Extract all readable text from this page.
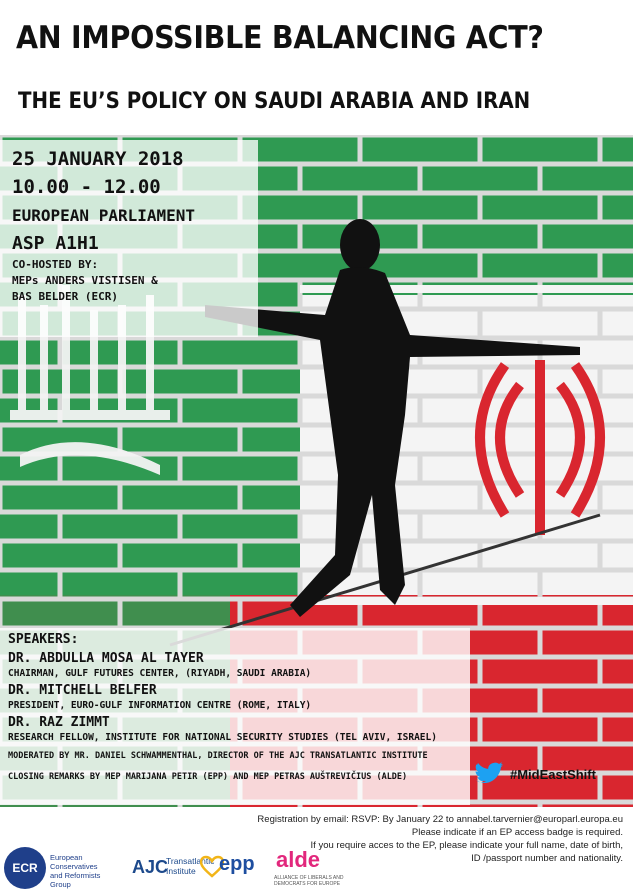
AN IMPOSSIBLE BALANCING ACT?
THE EU’S POLICY ON SAUDI ARABIA AND IRAN
25 JANUARY 2018
10.00 - 12.00
EUROPEAN PARLIAMENT
ASP A1H1
CO-HOSTED BY:
MEPs ANDERS VISTISEN &
BAS BELDER (ECR)
SPEAKERS:
DR. ABDULLA MOSA AL TAYER
CHAIRMAN, GULF FUTURES CENTER, (RIYADH, SAUDI ARABIA)
DR. MITCHELL BELFER
PRESIDENT, EURO-GULF INFORMATION CENTRE (ROME, ITALY)
DR. RAZ ZIMMT
RESEARCH FELLOW, INSTITUTE FOR NATIONAL SECURITY STUDIES (TEL AVIV, ISRAEL)
MODERATED BY MR. DANIEL SCHWAMMENTHAL, DIRECTOR OF THE AJC TRANSATLANTIC INSTITUTE
CLOSING REMARKS BY MEP MARIJANA PETIR (EPP) AND MEP PETRAS AUŠTREVIČIUS (ALDE)	#MidEastShift
Registration by email: RSVP: By January 22 to annabel.tarvernier@europarl.europa.eu
Please indicate if an EP access badge is required.
If you require acces to the EP, please indicate your full name, date of birth,
ID /passport number and nationality.
ECR
European
Conservatives
and Reformists
Group
AJC
Transatlantic
Institute	epp alde
ALLIANCE OF LIBERALS AND DEMOCRATS FOR EUROPE
